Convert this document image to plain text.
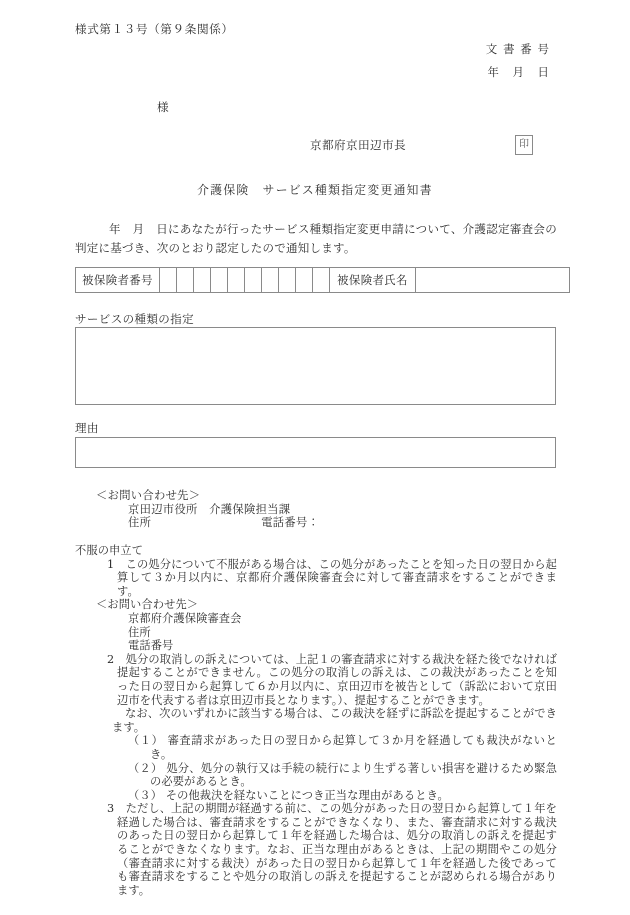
様式第１３号（第９条関係）
文 書 番 号
年　月　日
様
京都府京田辺市長	印
介護保険　サービス種類指定変更通知書
年　月　日にあなたが行ったサービス種類指定変更申請について、介護認定審査会の判定に基づき、次のとおり認定したので通知します。
被保険者番号											被保険者氏名	
サービスの種類の指定
理由
＜お問い合わせ先＞
京田辺市役所　介護保険担当課
住所	電話番号：
不服の申立て
1　 この処分について不服がある場合は、この処分があったことを知った日の翌日から起算して３か月以内に、京都府介護保険審査会に対して審査請求をすることができます。
＜お問い合わせ先＞
京都府介護保険審査会
住所
電話番号
2　 処分の取消しの訴えについては、上記１の審査請求に対する裁決を経た後でなければ提起することができません。この処分の取消しの訴えは、この裁決があったことを知った日の翌日から起算して６か月以内に、京田辺市を被告として（訴訟において京田辺市を代表する者は京田辺市長となります。）、提起することができます。
なお、次のいずれかに該当する場合は、この裁決を経ずに訴訟を提起することができます。
（１） 審査請求があった日の翌日から起算して３か月を経過しても裁決がないとき。
（２） 処分、処分の執行又は手続の続行により生ずる著しい損害を避けるため緊急の必要があるとき。
（３） その他裁決を経ないことにつき正当な理由があるとき。
3　 ただし、上記の期間が経過する前に、この処分があった日の翌日から起算して１年を経過した場合は、審査請求をすることができなくなり、また、審査請求に対する裁決のあった日の翌日から起算して１年を経過した場合は、処分の取消しの訴えを提起することができなくなります。なお、正当な理由があるときは、上記の期間やこの処分（審査請求に対する裁決）があった日の翌日から起算して１年を経過した後であっても審査請求をすることや処分の取消しの訴えを提起することが認められる場合があります。
